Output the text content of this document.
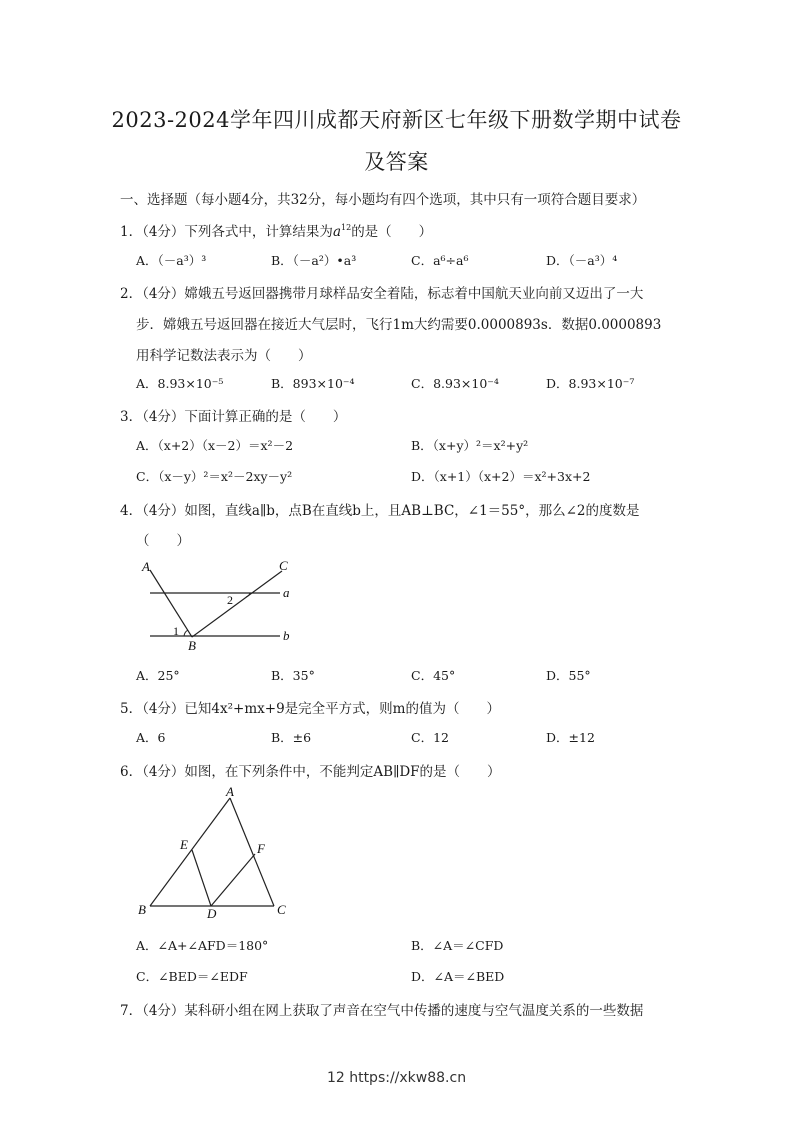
2023-2024学年四川成都天府新区七年级下册数学期中试卷
及答案
一、选择题（每小题4分，共32分，每小题均有四个选项，其中只有一项符合题目要求）
1．（4分）下列各式中，计算结果为$a^{12}$的是（　　）
A．（－a³）³	B．（－a²）•a³	C．a⁶÷a⁶	D．（－a³）⁴
2．（4分）嫦娥五号返回器携带月球样品安全着陆，标志着中国航天业向前又迈出了一大
步．嫦娥五号返回器在接近大气层时，飞行1m大约需要0.0000893s．数据0.0000893
用科学记数法表示为（　　）
A．8.93×10⁻⁵	B．893×10⁻⁴	C．8.93×10⁻⁴	D．8.93×10⁻⁷
3．（4分）下面计算正确的是（　　）
A．（x+2）（x－2）＝x²－2	B．（x+y）²＝x²+y²
C．（x－y）²＝x²－2xy－y²	D．（x+1）（x+2）＝x²+3x+2
4．（4分）如图，直线a∥b，点B在直线b上，且AB⊥BC，∠1＝55°，那么∠2的度数是
（　　）
A	C
B
a
b
1
2
A．25°	B．35°	C．45°	D．55°
5．（4分）已知4x²+mx+9是完全平方式，则m的值为（　　）
A．6	B．±6	C．12	D．±12
6．（4分）如图，在下列条件中，不能判定AB∥DF的是（　　）
A
B	C
D
E	F
A．∠A+∠AFD＝180°	B．∠A＝∠CFD
C．∠BED＝∠EDF	D．∠A＝∠BED
7．（4分）某科研小组在网上获取了声音在空气中传播的速度与空气温度关系的一些数据
12 https://xkw88.cn
